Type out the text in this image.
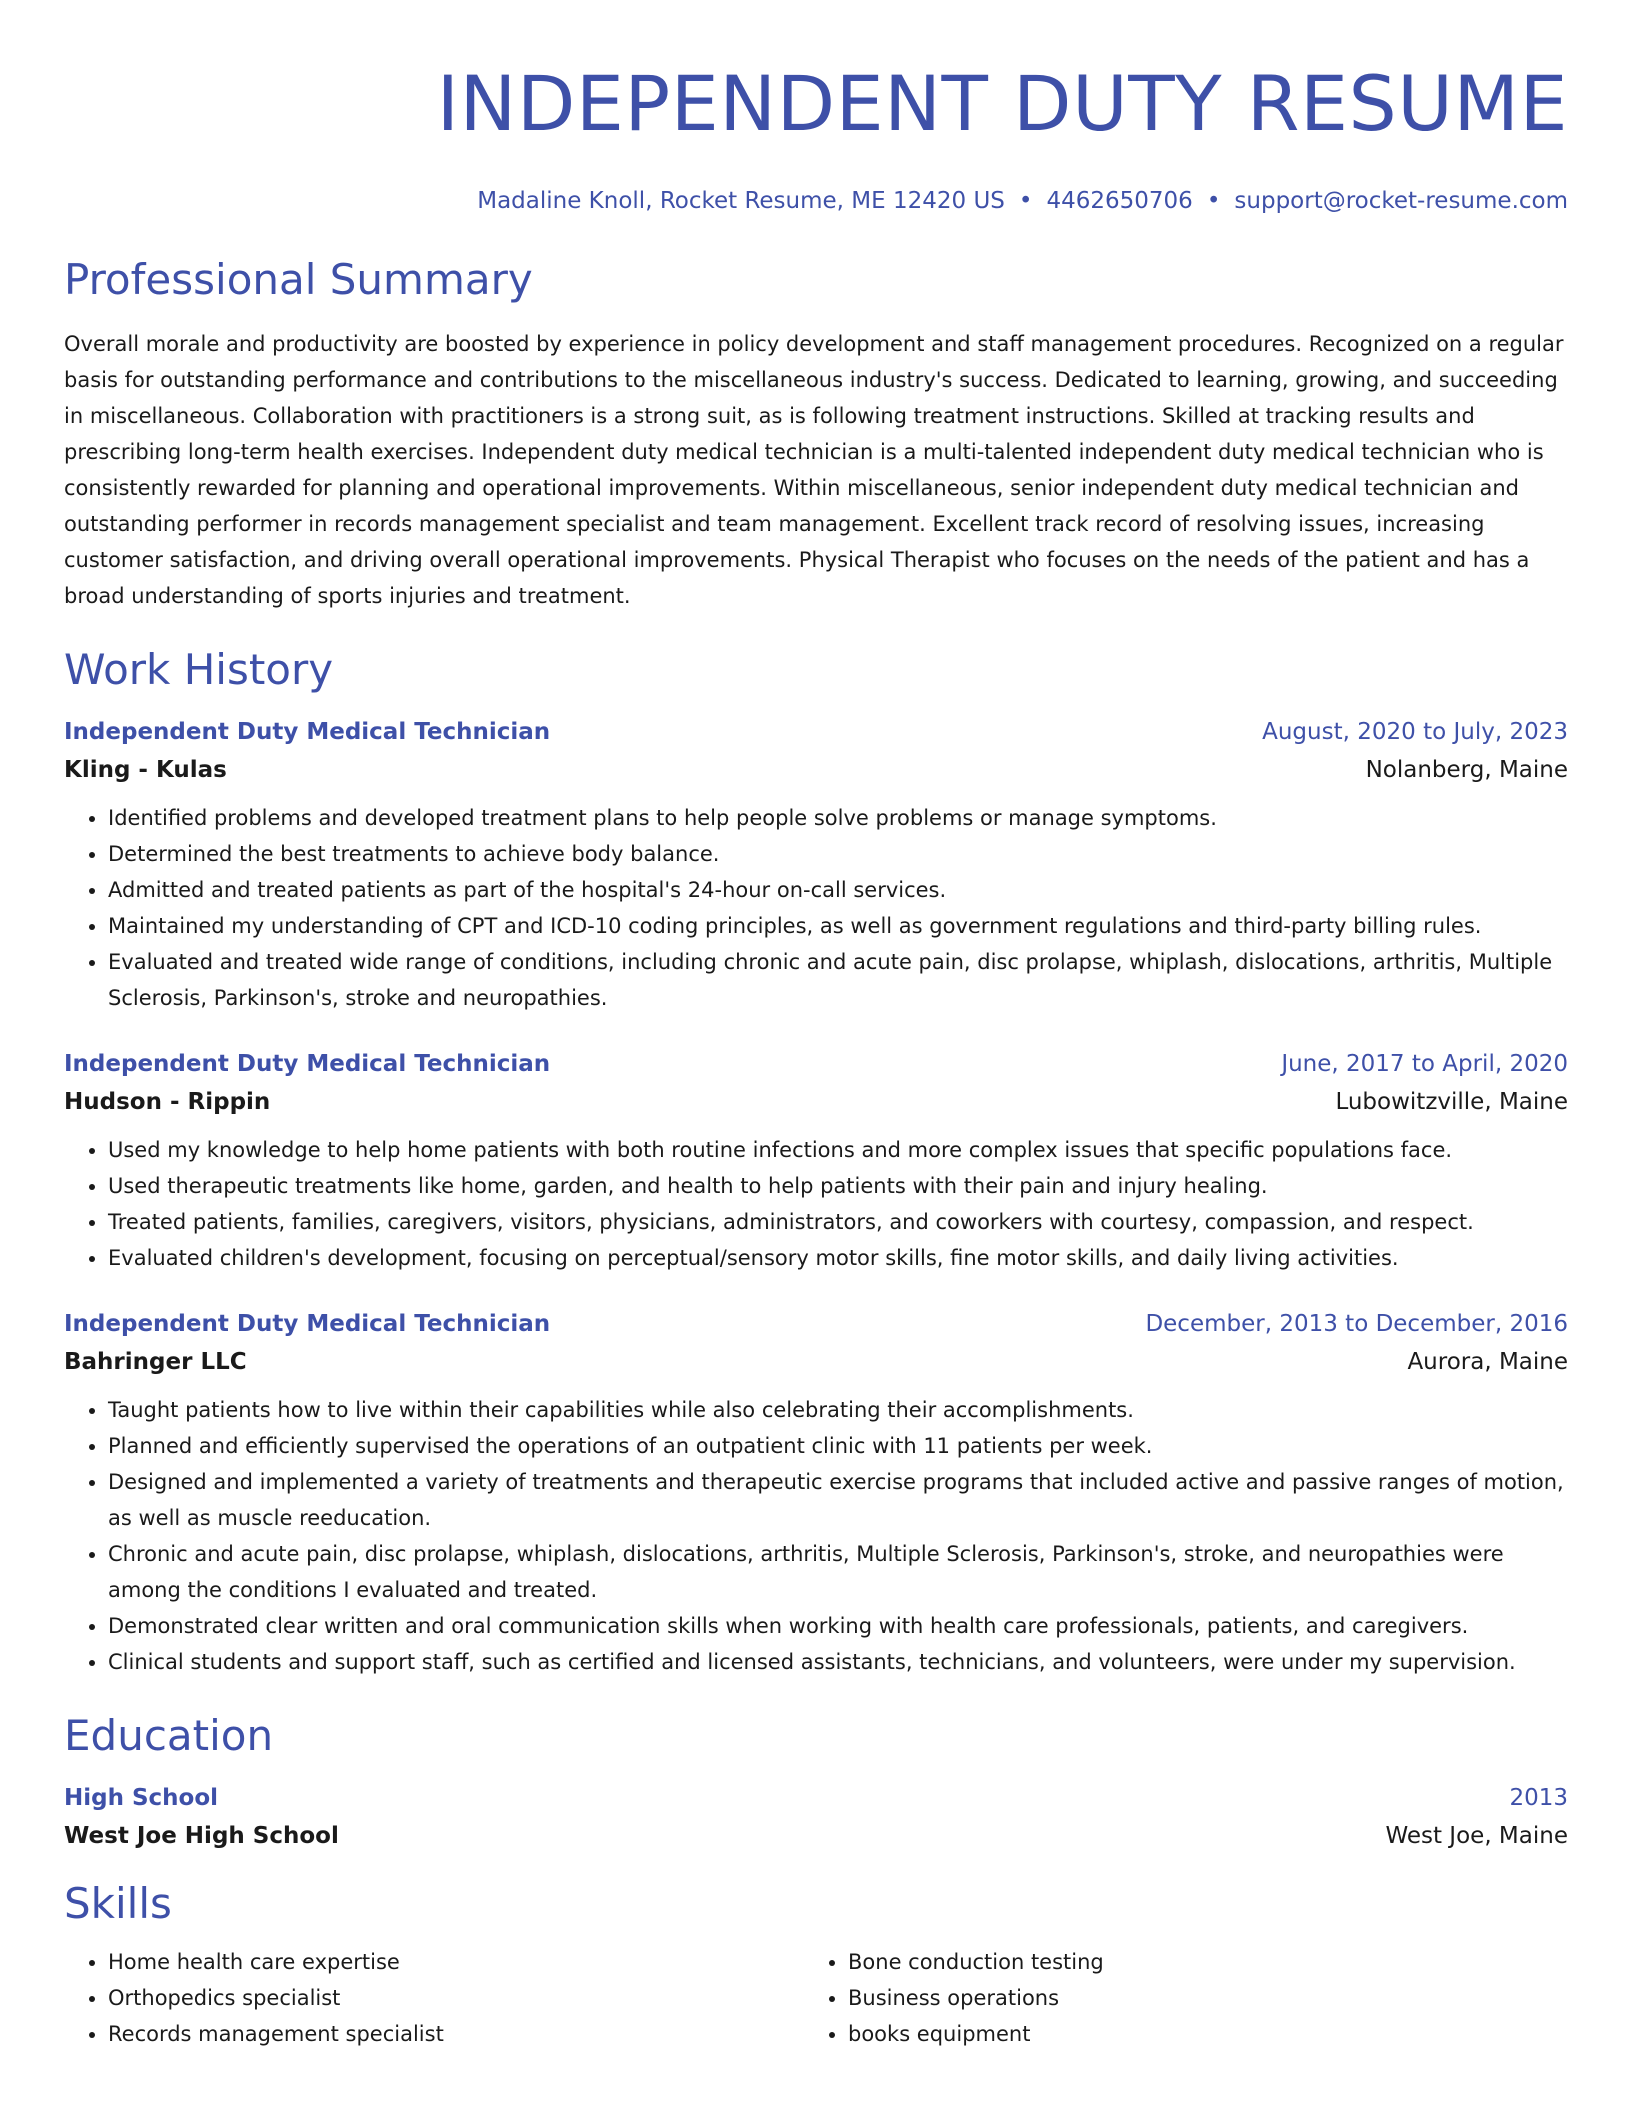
INDEPENDENT DUTY RESUME
Madaline Knoll, Rocket Resume, ME 12420 US • 4462650706 • support@rocket-resume.com
Professional Summary

Overall morale and productivity are boosted by experience in policy development and staff management procedures. Recognized on a regular basis for outstanding performance and contributions to the miscellaneous industry's success. Dedicated to learning, growing, and succeeding in miscellaneous. Collaboration with practitioners is a strong suit, as is following treatment instructions. Skilled at tracking results and prescribing long-term health exercises. Independent duty medical technician is a multi-talented independent duty medical technician who is consistently rewarded for planning and operational improvements. Within miscellaneous, senior independent duty medical technician and outstanding performer in records management specialist and team management. Excellent track record of resolving issues, increasing customer satisfaction, and driving overall operational improvements. Physical Therapist who focuses on the needs of the patient and has a broad understanding of sports injuries and treatment.

Work History
Independent Duty Medical Technician	August, 2020 to July, 2023
Kling - Kulas	Nolanberg, Maine
• Identified problems and developed treatment plans to help people solve problems or manage symptoms.
• Determined the best treatments to achieve body balance.
• Admitted and treated patients as part of the hospital's 24-hour on-call services.
• Maintained my understanding of CPT and ICD-10 coding principles, as well as government regulations and third-party billing rules.
• Evaluated and treated wide range of conditions, including chronic and acute pain, disc prolapse, whiplash, dislocations, arthritis, Multiple Sclerosis, Parkinson's, stroke and neuropathies.
Independent Duty Medical Technician	June, 2017 to April, 2020
Hudson - Rippin	Lubowitzville, Maine
• Used my knowledge to help home patients with both routine infections and more complex issues that specific populations face.
• Used therapeutic treatments like home, garden, and health to help patients with their pain and injury healing.
• Treated patients, families, caregivers, visitors, physicians, administrators, and coworkers with courtesy, compassion, and respect.
• Evaluated children's development, focusing on perceptual/sensory motor skills, fine motor skills, and daily living activities.
Independent Duty Medical Technician	December, 2013 to December, 2016
Bahringer LLC	Aurora, Maine
• Taught patients how to live within their capabilities while also celebrating their accomplishments.
• Planned and efficiently supervised the operations of an outpatient clinic with 11 patients per week.
• Designed and implemented a variety of treatments and therapeutic exercise programs that included active and passive ranges of motion, as well as muscle reeducation.
• Chronic and acute pain, disc prolapse, whiplash, dislocations, arthritis, Multiple Sclerosis, Parkinson's, stroke, and neuropathies were among the conditions I evaluated and treated.
• Demonstrated clear written and oral communication skills when working with health care professionals, patients, and caregivers.
• Clinical students and support staff, such as certified and licensed assistants, technicians, and volunteers, were under my supervision.
Education
High School	2013
West Joe High School	West Joe, Maine
Skills
• Home health care expertise
• Orthopedics specialist
• Records management specialist
• Bone conduction testing
• Business operations
• books equipment
